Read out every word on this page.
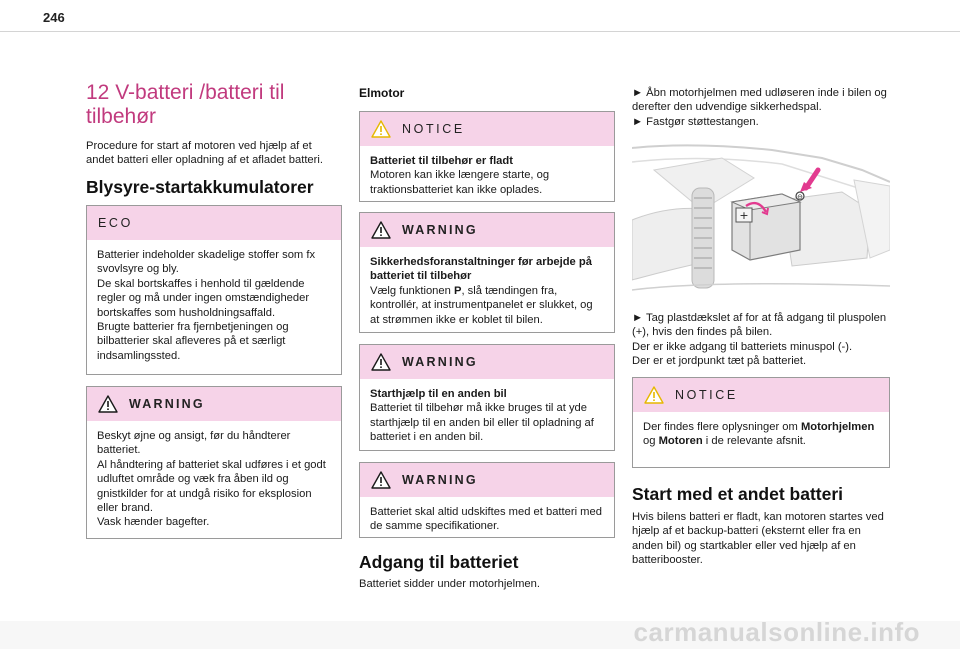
246
12 V-batteri /batteri til tilbehør

Procedure for start af motoren ved hjælp af et andet batteri eller opladning af et afladet batteri.

Blysyre-startakkumulatorer
ECO

Batterier indeholder skadelige stoffer som fx svovlsyre og bly.

De skal bortskaffes i henhold til gældende regler og må under ingen omstændigheder bortskaffes som husholdningsaffald.

Brugte batterier fra fjernbetjeningen og bilbatterier skal afleveres på et særligt indsamlingssted.

WARNING

Beskyt øjne og ansigt, før du håndterer batteriet.

Al håndtering af batteriet skal udføres i et godt udluftet område og væk fra åben ild og gnistkilder for at undgå risiko for eksplosion eller brand.

Vask hænder bagefter.

Elmotor
NOTICE

Batteriet til tilbehør er fladt

Motoren kan ikke længere starte, og traktionsbatteriet kan ikke oplades.

WARNING

Sikkerhedsforanstaltninger før arbejde på batteriet til tilbehør

Vælg funktionen P, slå tændingen fra, kontrollér, at instrumentpanelet er slukket, og at strømmen ikke er koblet til bilen.

WARNING

Starthjælp til en anden bil

Batteriet til tilbehør må ikke bruges til at yde starthjælp til en anden bil eller til opladning af batteriet i en anden bil.

WARNING

Batteriet skal altid udskiftes med et batteri med de samme specifikationer.

Adgang til batteriet

Batteriet sidder under motorhjelmen.

► Åbn motorhjelmen med udløseren inde i bilen og derefter den udvendige sikkerhedspal.

► Fastgør støttestangen.

+
⊖

► Tag plastdækslet af for at få adgang til pluspolen (+), hvis den findes på bilen.

Der er ikke adgang til batteriets minuspol (-).

Der er et jordpunkt tæt på batteriet.

NOTICE

Der findes flere oplysninger om Motorhjelmen og Motoren i de relevante afsnit.

Start med et andet batteri

Hvis bilens batteri er fladt, kan motoren startes ved hjælp af et backup-batteri (eksternt eller fra en anden bil) og startkabler eller ved hjælp af en batteribooster.

carmanualsonline.info
